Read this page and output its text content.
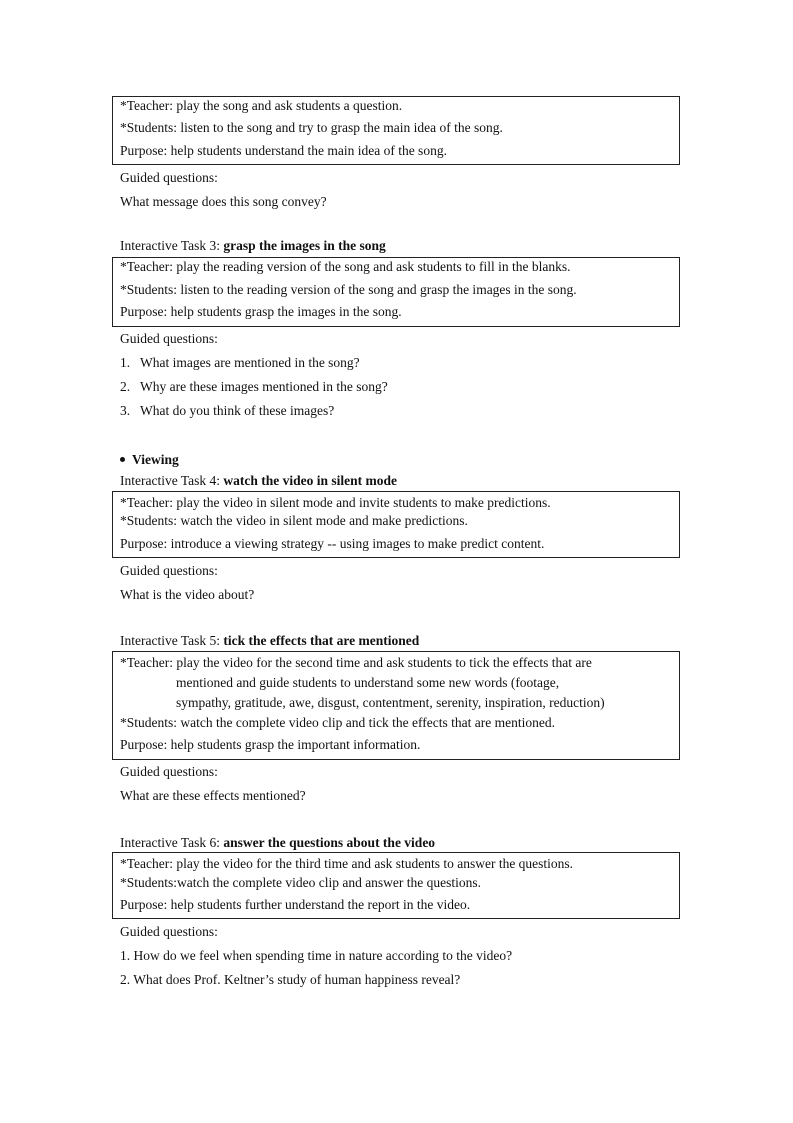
*Teacher: play the song and ask students a question.
*Students: listen to the song and try to grasp the main idea of the song.
Purpose: help students understand the main idea of the song.
Guided questions:
What message does this song convey?
Interactive Task 3: grasp the images in the song
*Teacher: play the reading version of the song and ask students to fill in the blanks.
*Students: listen to the reading version of the song and grasp the images in the song.
Purpose: help students grasp the images in the song.
Guided questions:
1. What images are mentioned in the song?
2. Why are these images mentioned in the song?
3. What do you think of these images?
Viewing
Interactive Task 4: watch the video in silent mode
*Teacher: play the video in silent mode and invite students to make predictions.
*Students: watch the video in silent mode and make predictions.
Purpose: introduce a viewing strategy -- using images to make predict content.
Guided questions:
What is the video about?
Interactive Task 5: tick the effects that are mentioned
*Teacher: play the video for the second time and ask students to tick the effects that are
mentioned and guide students to understand some new words (footage,
sympathy, gratitude, awe, disgust, contentment, serenity, inspiration, reduction)
*Students: watch the complete video clip and tick the effects that are mentioned.
Purpose: help students grasp the important information.
Guided questions:
What are these effects mentioned?
Interactive Task 6: answer the questions about the video
*Teacher: play the video for the third time and ask students to answer the questions.
*Students:watch the complete video clip and answer the questions.
Purpose: help students further understand the report in the video.
Guided questions:
1. How do we feel when spending time in nature according to the video?
2. What does Prof. Keltner’s study of human happiness reveal?
